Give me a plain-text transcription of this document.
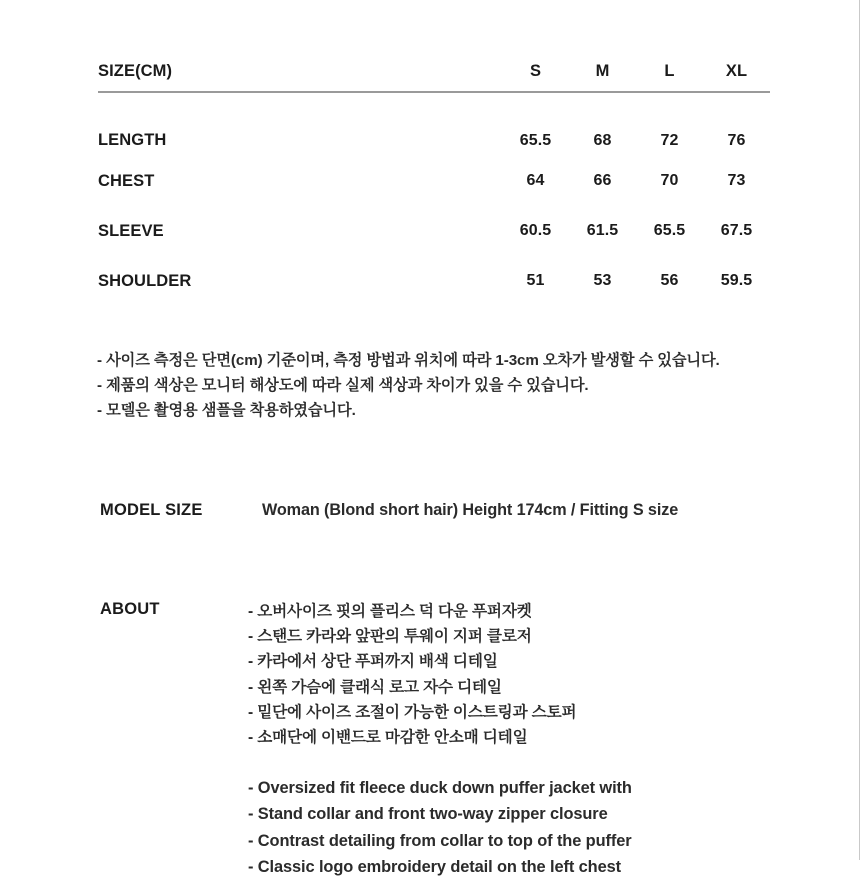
SIZE(CM)	S	M	L	XL
LENGTH	65.5	68	72	76
CHEST	64	66	70	73
SLEEVE	60.5	61.5	65.5	67.5
SHOULDER	51	53	56	59.5
- 사이즈 측정은 단면(cm) 기준이며, 측정 방법과 위치에 따라 1-3cm 오차가 발생할 수 있습니다.
- 제품의 색상은 모니터 해상도에 따라 실제 색상과 차이가 있을 수 있습니다.
- 모델은 촬영용 샘플을 착용하였습니다.
MODEL SIZE	Woman (Blond short hair) Height 174cm / Fitting S size
ABOUT	- 오버사이즈 핏의 플리스 덕 다운 푸퍼자켓
- 스탠드 카라와 앞판의 투웨이 지퍼 클로저
- 카라에서 상단 푸퍼까지 배색 디테일
- 왼쪽 가슴에 클래식 로고 자수 디테일
- 밑단에 사이즈 조절이 가능한 이스트링과 스토퍼
- 소매단에 이밴드로 마감한 안소매 디테일
- Oversized fit fleece duck down puffer jacket with
- Stand collar and front two-way zipper closure
- Contrast detailing from collar to top of the puffer
- Classic logo embroidery detail on the left chest
